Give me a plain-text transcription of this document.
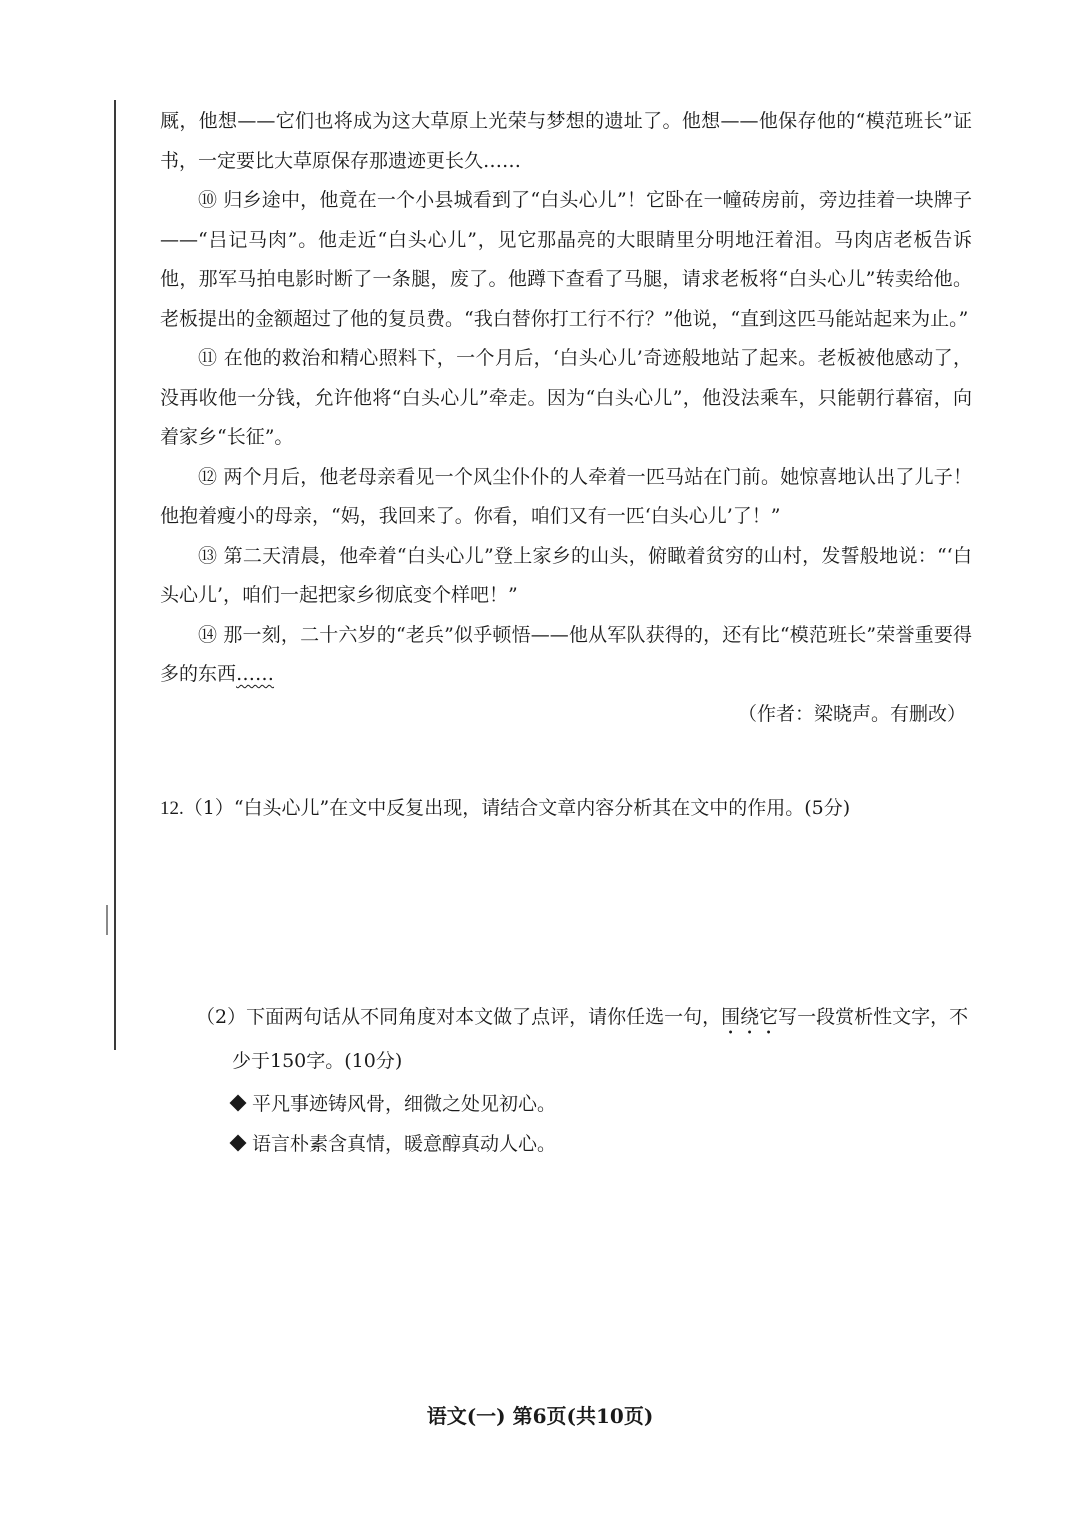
厩，他想——它们也将成为这大草原上光荣与梦想的遗址了。他想——他保存他的“模范班长”证书，一定要比大草原保存那遗迹更长久……

⑩ 归乡途中，他竟在一个小县城看到了“白头心儿”！它卧在一幢砖房前，旁边挂着一块牌子——“吕记马肉”。他走近“白头心儿”，见它那晶亮的大眼睛里分明地汪着泪。马肉店老板告诉他，那军马拍电影时断了一条腿，废了。他蹲下查看了马腿，请求老板将“白头心儿”转卖给他。老板提出的金额超过了他的复员费。“我白替你打工行不行？”他说，“直到这匹马能站起来为止。”

⑪ 在他的救治和精心照料下，一个月后，‘白头心儿’奇迹般地站了起来。老板被他感动了，没再收他一分钱，允许他将“白头心儿”牵走。因为“白头心儿”，他没法乘车，只能朝行暮宿，向着家乡“长征”。

⑫ 两个月后，他老母亲看见一个风尘仆仆的人牵着一匹马站在门前。她惊喜地认出了儿子！他抱着瘦小的母亲，“妈，我回来了。你看，咱们又有一匹‘白头心儿’了！”

⑬ 第二天清晨，他牵着“白头心儿”登上家乡的山头，俯瞰着贫穷的山村，发誓般地说：“‘白头心儿’，咱们一起把家乡彻底变个样吧！”

⑭ 那一刻，二十六岁的“老兵”似乎顿悟——他从军队获得的，还有比“模范班长”荣誉重要得多的东西……

（作者：梁晓声。有删改）

12.（1）“白头心儿”在文中反复出现，请结合文章内容分析其在文中的作用。(5分)

（2）下面两句话从不同角度对本文做了点评，请你任选一句，围绕它写一段赏析性文字，不
少于150字。(10分)

平凡事迹铸风骨，细微之处见初心。

语言朴素含真情，暖意醇真动人心。

语文(一) 第6页(共10页)
